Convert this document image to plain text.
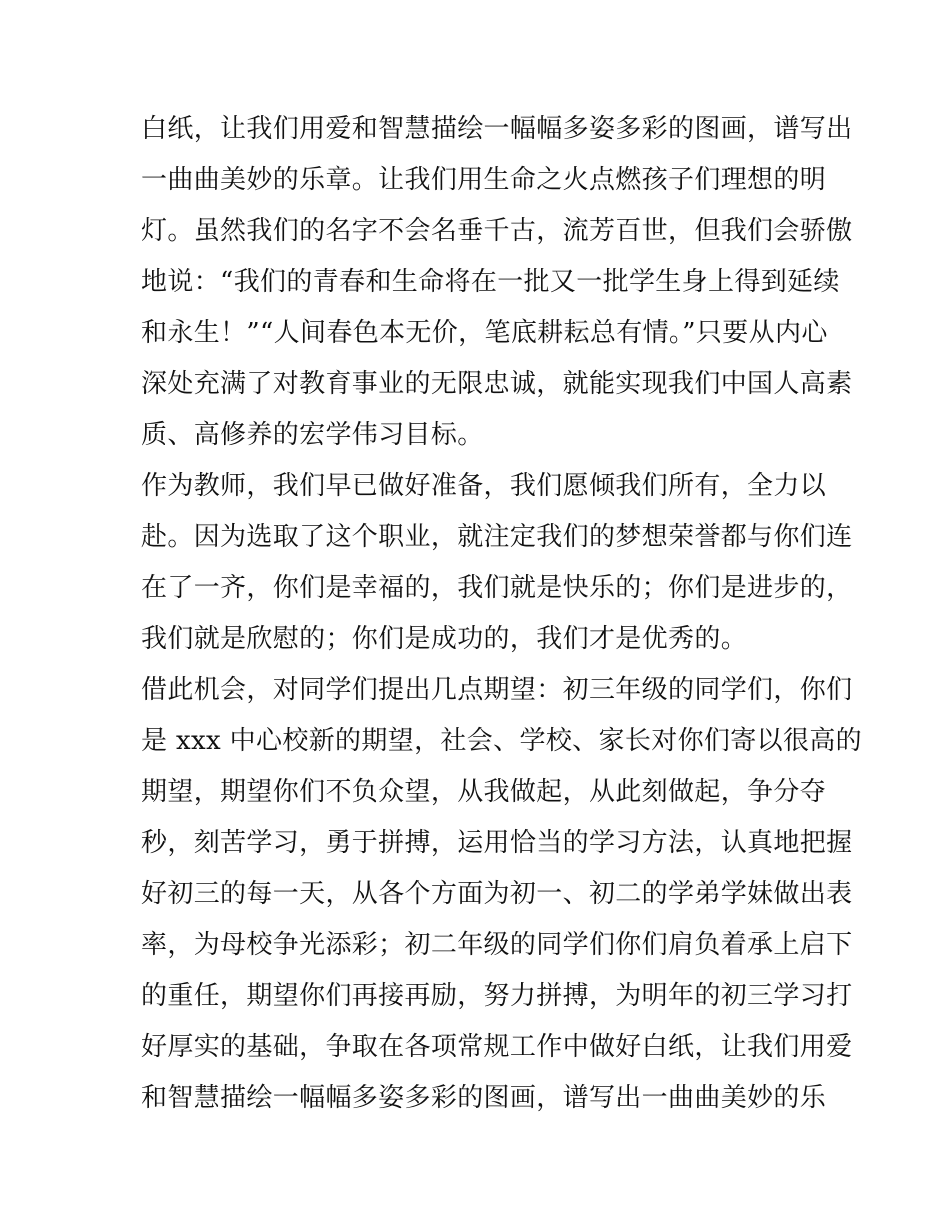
白纸，让我们用爱和智慧描绘一幅幅多姿多彩的图画，谱写出
一曲曲美妙的乐章。让我们用生命之火点燃孩子们理想的明
灯。虽然我们的名字不会名垂千古，流芳百世，但我们会骄傲
地说：“我们的青春和生命将在一批又一批学生身上得到延续
和永生！”“人间春色本无价，笔底耕耘总有情。”只要从内心
深处充满了对教育事业的无限忠诚，就能实现我们中国人高素
质、高修养的宏学伟习目标。
作为教师，我们早已做好准备，我们愿倾我们所有，全力以
赴。因为选取了这个职业，就注定我们的梦想荣誉都与你们连
在了一齐，你们是幸福的，我们就是快乐的；你们是进步的，
我们就是欣慰的；你们是成功的，我们才是优秀的。
借此机会，对同学们提出几点期望：初三年级的同学们，你们
是 xxx 中心校新的期望，社会、学校、家长对你们寄以很高的
期望，期望你们不负众望，从我做起，从此刻做起，争分夺
秒，刻苦学习，勇于拼搏，运用恰当的学习方法，认真地把握
好初三的每一天，从各个方面为初一、初二的学弟学妹做出表
率，为母校争光添彩；初二年级的同学们你们肩负着承上启下
的重任，期望你们再接再励，努力拼搏，为明年的初三学习打
好厚实的基础，争取在各项常规工作中做好白纸，让我们用爱
和智慧描绘一幅幅多姿多彩的图画，谱写出一曲曲美妙的乐
